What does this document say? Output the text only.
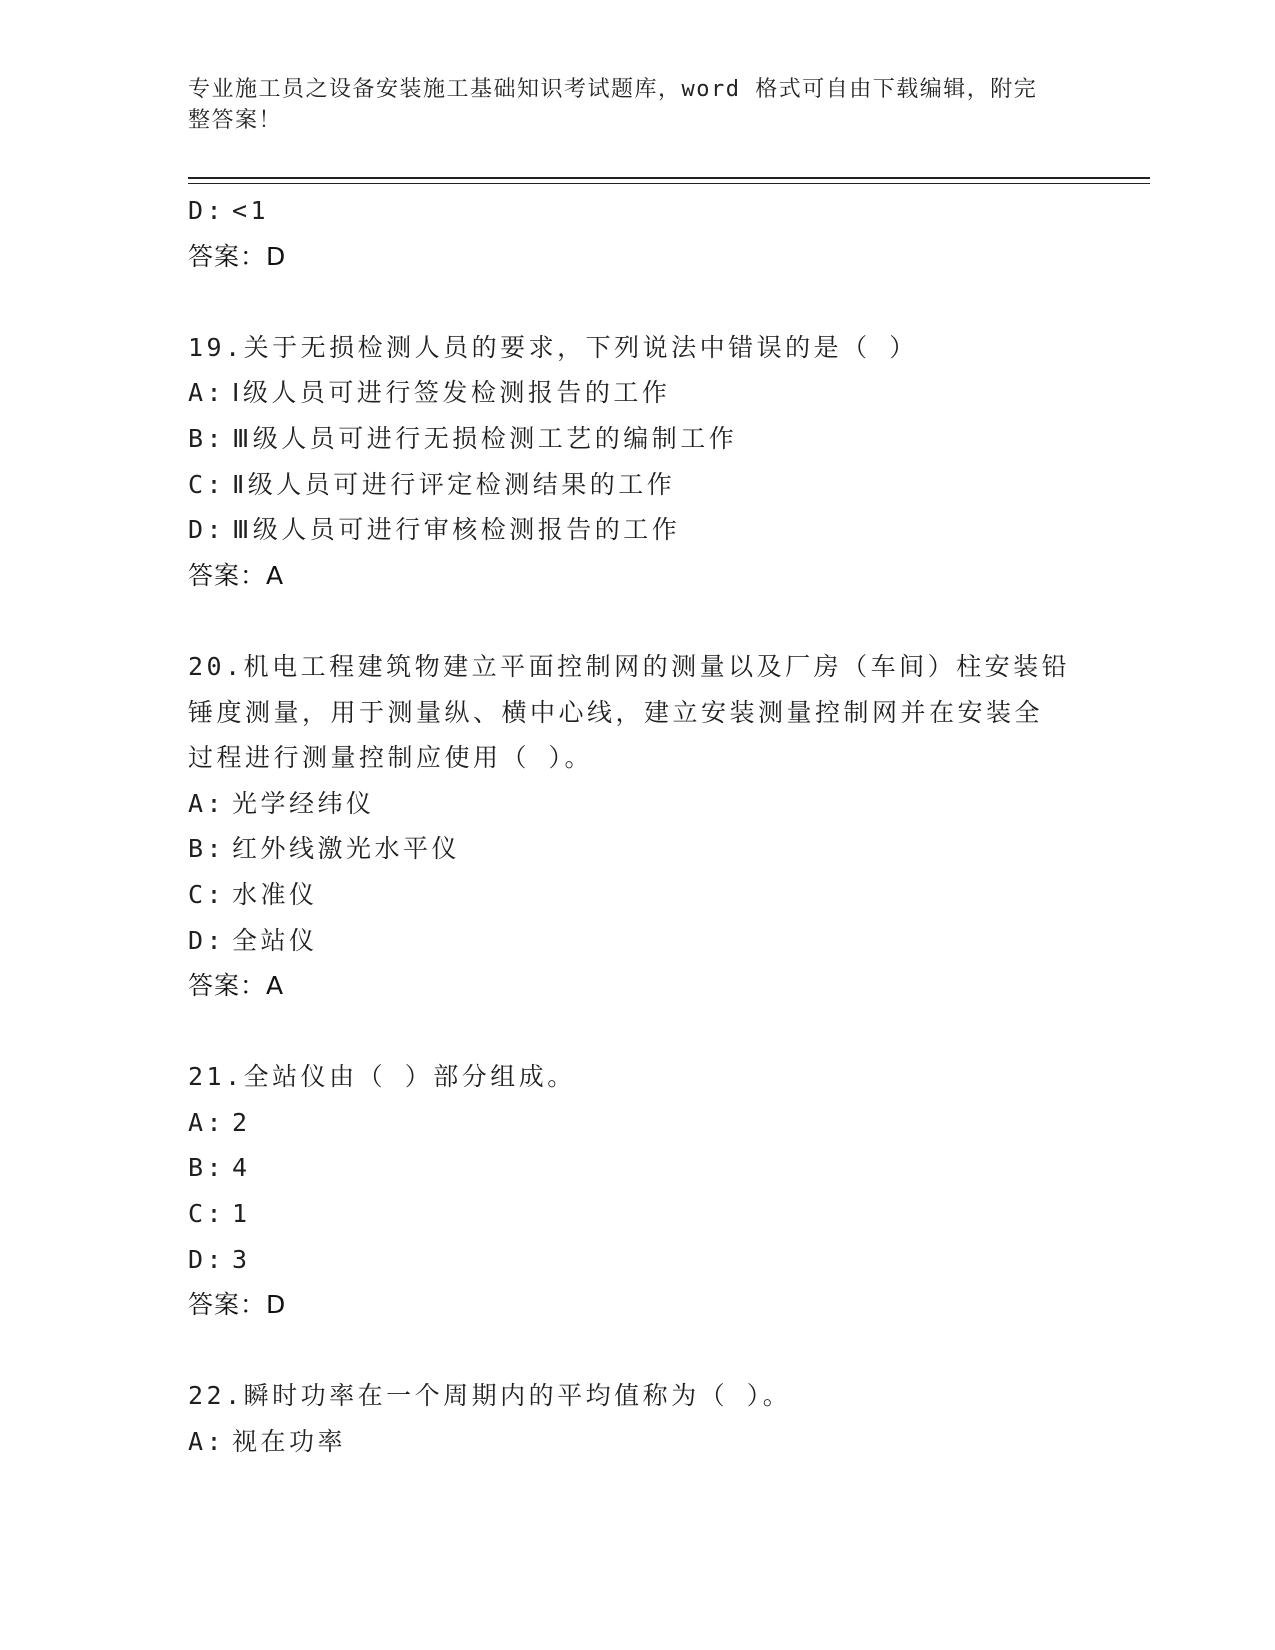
专业施工员之设备安装施工基础知识考试题库，word 格式可自由下载编辑，附完
整答案！
D: <1
答案：D
19.关于无损检测人员的要求，下列说法中错误的是（ ）
A: Ⅰ级人员可进行签发检测报告的工作
B: Ⅲ级人员可进行无损检测工艺的编制工作
C: Ⅱ级人员可进行评定检测结果的工作
D: Ⅲ级人员可进行审核检测报告的工作
答案：A
20.机电工程建筑物建立平面控制网的测量以及厂房（车间）柱安装铅
锤度测量，用于测量纵、横中心线，建立安装测量控制网并在安装全
过程进行测量控制应使用（ ）。
A: 光学经纬仪
B: 红外线激光水平仪
C: 水准仪
D: 全站仪
答案：A
21.全站仪由（ ）部分组成。
A: 2
B: 4
C: 1
D: 3
答案：D
22.瞬时功率在一个周期内的平均值称为（ ）。
A: 视在功率
